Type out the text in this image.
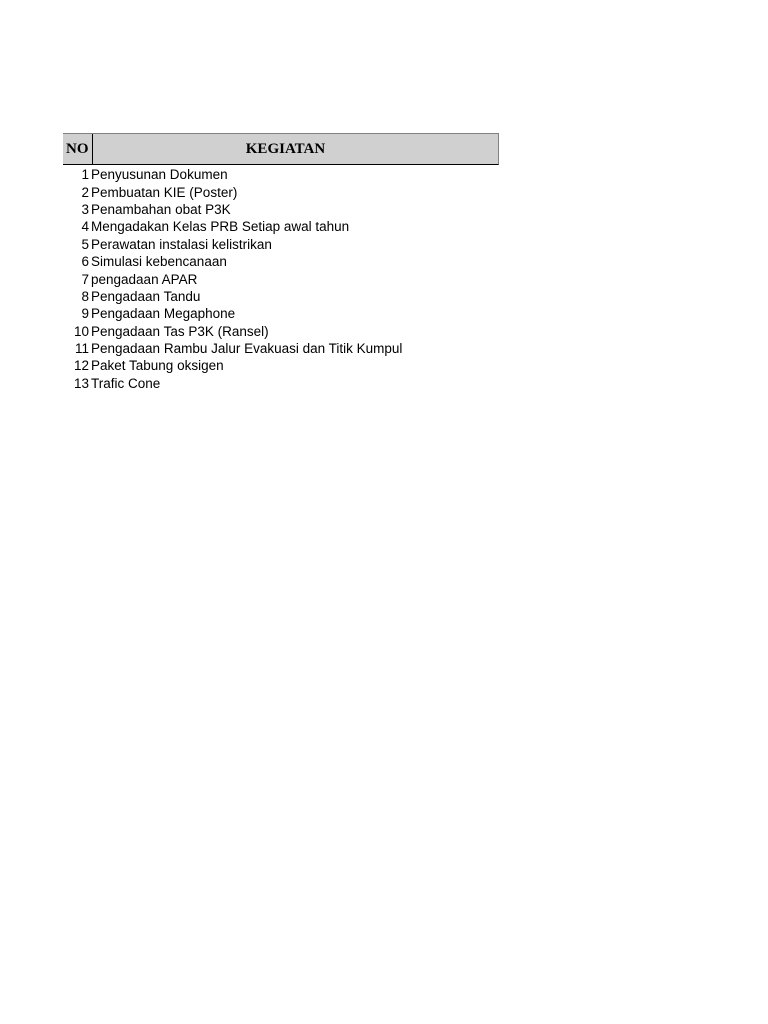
NO	KEGIATAN
1 Penyusunan Dokumen
2 Pembuatan KIE (Poster)
3 Penambahan obat P3K
4 Mengadakan Kelas PRB Setiap awal tahun
5 Perawatan instalasi kelistrikan
6 Simulasi kebencanaan
7 pengadaan APAR
8 Pengadaan Tandu
9 Pengadaan Megaphone
10 Pengadaan Tas P3K (Ransel)
11 Pengadaan Rambu Jalur Evakuasi dan Titik Kumpul
12 Paket Tabung oksigen
13 Trafic Cone
